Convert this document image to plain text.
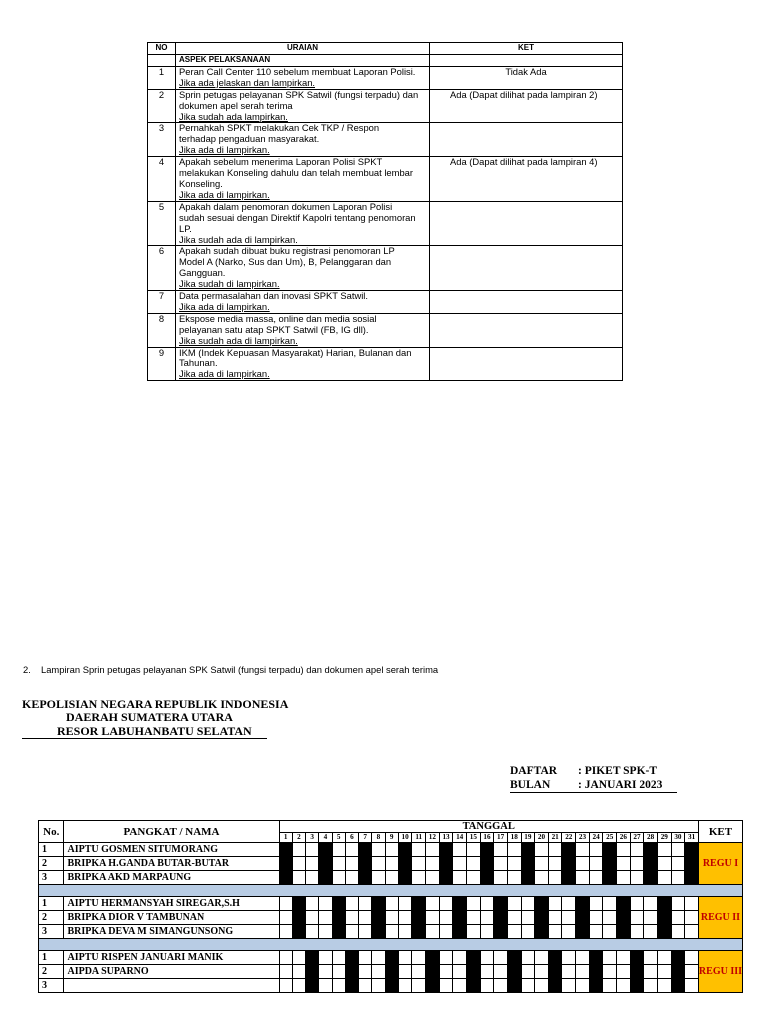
NO	URAIAN	KET
	ASPEK PELAKSANAAN	
1	Peran Call Center 110 sebelum membuat Laporan Polisi.
Jika ada jelaskan dan lampirkan.	Tidak Ada
2	Sprin petugas pelayanan SPK Satwil (fungsi terpadu) dan
dokumen apel serah terima
Jika sudah ada lampirkan.	Ada (Dapat dilihat pada lampiran 2)
3	Pernahkah SPKT melakukan Cek TKP / Respon
terhadap pengaduan masyarakat.
Jika ada di lampirkan.	

4	Apakah sebelum menerima Laporan Polisi SPKT
melakukan Konseling dahulu dan telah membuat lembar
Konseling.
Jika ada di lampirkan.	Ada (Dapat dilihat pada lampiran 4)
5	Apakah dalam penomoran dokumen Laporan Polisi
sudah sesuai dengan Direktif Kapolri tentang penomoran
LP.
Jika sudah ada di lampirkan.	

6	Apakah sudah dibuat buku registrasi penomoran LP
Model A (Narko, Sus dan Um), B, Pelanggaran dan
Gangguan.
Jika sudah di lampirkan.	

7	Data permasalahan dan inovasi SPKT Satwil.
Jika ada di lampirkan.	

8	Ekspose media massa, online dan media sosial
pelayanan satu atap SPKT Satwil (FB, IG dll).
Jika sudah ada di lampirkan.	

9	IKM (Indek Kepuasan Masyarakat) Harian, Bulanan dan
Tahunan.
Jika ada di lampirkan.	

2. Lampiran Sprin petugas pelayanan SPK Satwil (fungsi terpadu) dan dokumen apel serah terima
KEPOLISIAN NEGARA REPUBLIK INDONESIA
DAERAH SUMATERA UTARA
RESOR LABUHANBATU SELATAN
DAFTAR : PIKET SPK-T
BULAN : JANUARI 2023
No.	PANGKAT / NAMA	TANGGAL																															KET
		1	2	3	4	5	6	7	8	9	10	11	12	13	14	15	16	17	18	19	20	21	22	23	24	25	26	27	28	29	30	31	
1	AIPTU GOSMEN SITUMORANG																																REGU I
2	BRIPKA H.GANDA BUTAR-BUTAR																																
3	BRIPKA AKD MARPAUNG																																

1	AIPTU HERMANSYAH SIREGAR,S.H																																REGU II
2	BRIPKA DIOR V TAMBUNAN																																
3	BRIPKA DEVA M SIMANGUNSONG																																

1	AIPTU RISPEN JANUARI MANIK																																REGU III
2	AIPDA SUPARNO																																
3																																	
